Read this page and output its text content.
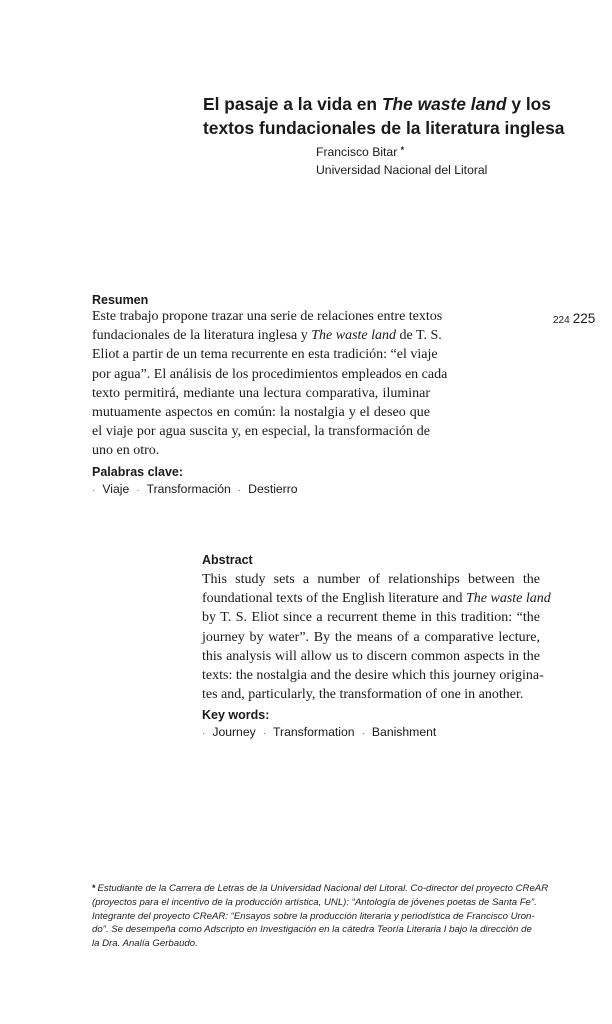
El pasaje a la vida en The waste land y los
textos fundacionales de la literatura inglesa
Francisco Bitar *
Universidad Nacional del Litoral
224 225
Resumen
Este trabajo propone trazar una serie de relaciones entre textos
fundacionales de la literatura inglesa y The waste land de T. S.
Eliot a partir de un tema recurrente en esta tradición: “el viaje
por agua”. El análisis de los procedimientos empleados en cada
texto permitirá, mediante una lectura comparativa, iluminar
mutuamente aspectos en común: la nostalgia y el deseo que
el viaje por agua suscita y, en especial, la transformación de
uno en otro.
Palabras clave:
· Viaje · Transformación · Destierro
Abstract
This study sets a number of relationships between the
foundational texts of the English literature and The waste land
by T. S. Eliot since a recurrent theme in this tradition: “the
journey by water”. By the means of a comparative lecture,
this analysis will allow us to discern common aspects in the
texts: the nostalgia and the desire which this journey origina-
tes and, particularly, the transformation of one in another.
Key words:
· Journey · Transformation · Banishment
* Estudiante de la Carrera de Letras de la Universidad Nacional del Litoral. Co-director del proyecto CReAR
(proyectos para el incentivo de la producción artística, UNL): “Antología de jóvenes poetas de Santa Fe”.
Integrante del proyecto CReAR: “Ensayos sobre la producción literaria y periodística de Francisco Uron-
do”. Se desempeña como Adscripto en Investigación en la cátedra Teoría Literaria I bajo la dirección de
la Dra. Analía Gerbaudo.
